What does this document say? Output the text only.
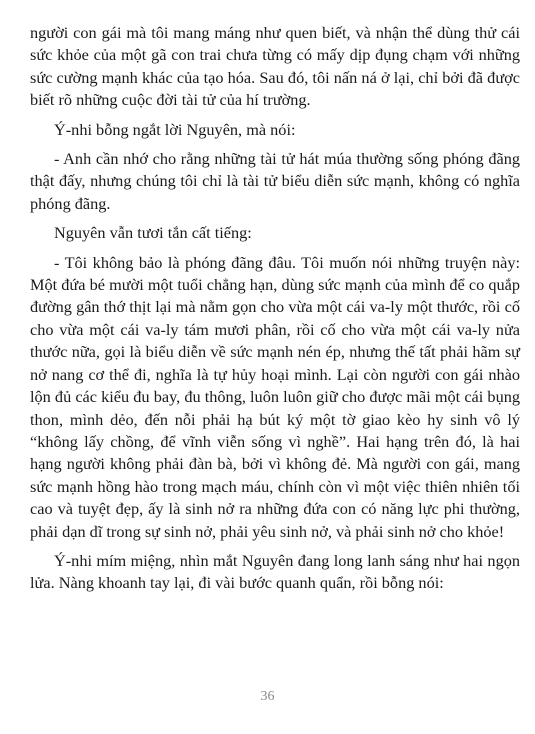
người con gái mà tôi mang máng như quen biết, và nhận thể dùng thử cái sức khỏe của một gã con trai chưa từng có mấy dịp đụng chạm với những sức cường mạnh khác của tạo hóa. Sau đó, tôi nấn ná ở lại, chỉ bởi đã được biết rõ những cuộc đời tài tử của hí trường.

Ý-nhi bỗng ngắt lời Nguyên, mà nói:

- Anh cần nhớ cho rằng những tài tử hát múa thường sống phóng đãng thật đấy, nhưng chúng tôi chỉ là tài tử biểu diễn sức mạnh, không có nghĩa phóng đãng.

Nguyên vẫn tươi tắn cất tiếng:

- Tôi không bảo là phóng đãng đâu. Tôi muốn nói những truyện này: Một đứa bé mười một tuổi chẳng hạn, dùng sức mạnh của mình để co quắp đường gân thớ thịt lại mà nằm gọn cho vừa một cái va-ly một thước, rồi cố cho vừa một cái va-ly tám mươi phân, rồi cố cho vừa một cái va-ly nửa thước nữa, gọi là biểu diễn về sức mạnh nén ép, nhưng thế tất phải hãm sự nở nang cơ thể đi, nghĩa là tự hủy hoại mình. Lại còn người con gái nhào lộn đủ các kiểu đu bay, đu thông, luôn luôn giữ cho được mãi một cái bụng thon, mình dẻo, đến nỗi phải hạ bút ký một tờ giao kèo hy sinh vô lý “không lấy chồng, để vĩnh viễn sống vì nghề”. Hai hạng trên đó, là hai hạng người không phải đàn bà, bởi vì không đẻ. Mà người con gái, mang sức mạnh hồng hào trong mạch máu, chính còn vì một việc thiên nhiên tối cao và tuyệt đẹp, ấy là sinh nở ra những đứa con có năng lực phi thường, phải dạn dĩ trong sự sinh nở, phải yêu sinh nở, và phải sinh nở cho khỏe!

Ý-nhi mím miệng, nhìn mắt Nguyên đang long lanh sáng như hai ngọn lửa. Nàng khoanh tay lại, đi vài bước quanh quẩn, rồi bỗng nói:

36
